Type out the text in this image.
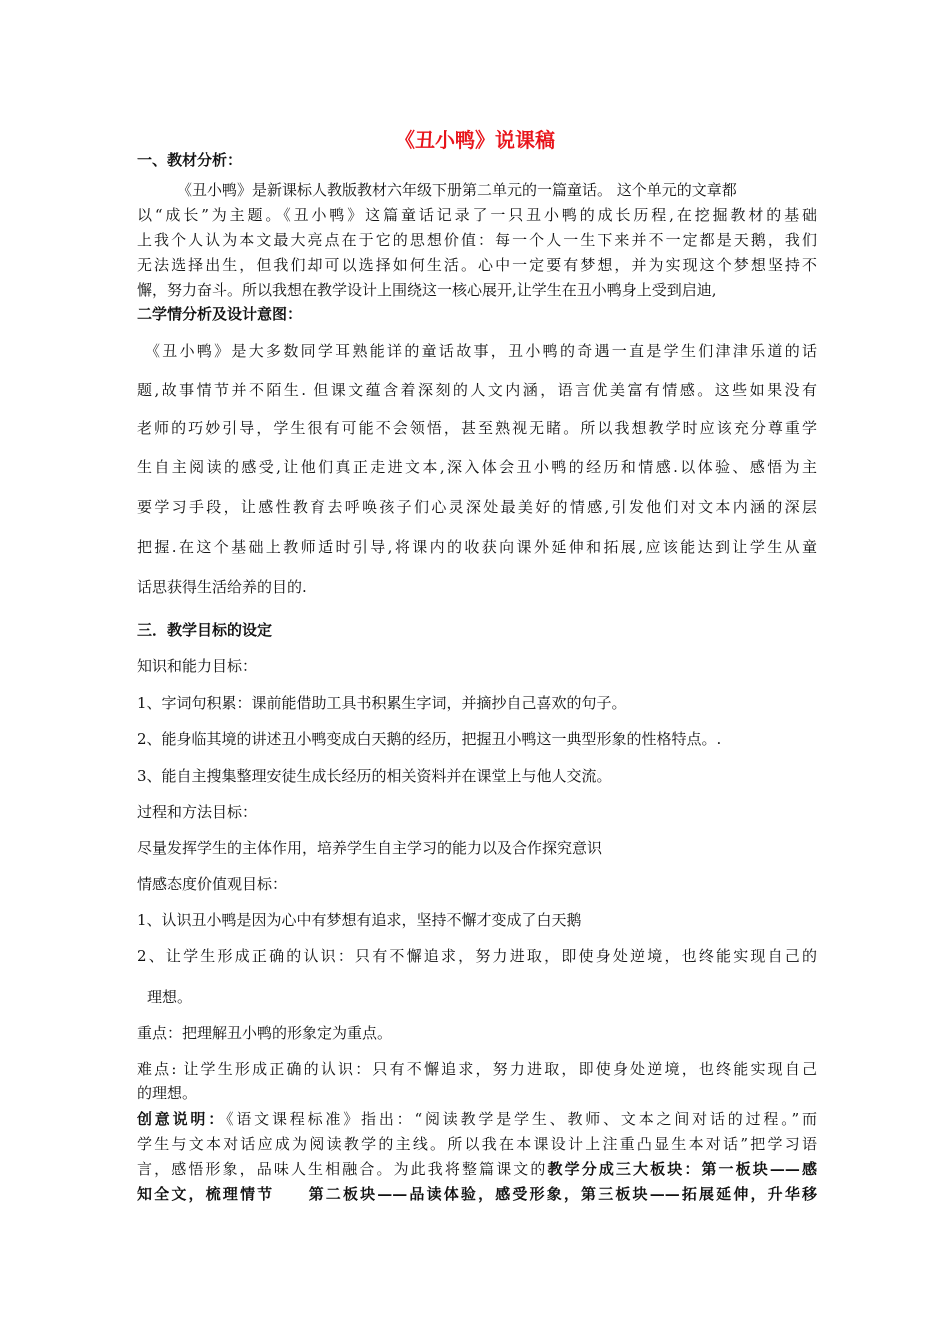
《丑小鸭》说课稿
一、教材分析：
《丑小鸭》是新课标人教版教材六年级下册第二单元的一篇童话。 这个单元的文章都
以“成长”为主题。《丑小鸭》这篇童话记录了一只丑小鸭的成长历程,在挖掘教材的基础
上我个人认为本文最大亮点在于它的思想价值：每一个人一生下来并不一定都是天鹅，我们
无法选择出生，但我们却可以选择如何生活。心中一定要有梦想，并为实现这个梦想坚持不
懈，努力奋斗。所以我想在教学设计上围绕这一核心展开,让学生在丑小鸭身上受到启迪,
二学情分析及设计意图：
《丑小鸭》是大多数同学耳熟能详的童话故事，丑小鸭的奇遇一直是学生们津津乐道的话
题,故事情节并不陌生. 但课文蕴含着深刻的人文内涵，语言优美富有情感。这些如果没有
老师的巧妙引导，学生很有可能不会领悟，甚至熟视无睹。所以我想教学时应该充分尊重学
生自主阅读的感受,让他们真正走进文本,深入体会丑小鸭的经历和情感.以体验、感悟为主
要学习手段，让感性教育去呼唤孩子们心灵深处最美好的情感,引发他们对文本内涵的深层
把握.在这个基础上教师适时引导,将课内的收获向课外延伸和拓展,应该能达到让学生从童
话思获得生活给养的目的.
三．教学目标的设定
知识和能力目标：
1、字词句积累：课前能借助工具书积累生字词，并摘抄自己喜欢的句子。
2、能身临其境的讲述丑小鸭变成白天鹅的经历，把握丑小鸭这一典型形象的性格特点。.
3、能自主搜集整理安徒生成长经历的相关资料并在课堂上与他人交流。
过程和方法目标：
尽量发挥学生的主体作用，培养学生自主学习的能力以及合作探究意识
情感态度价值观目标：
1、认识丑小鸭是因为心中有梦想有追求，坚持不懈才变成了白天鹅
2、让学生形成正确的认识：只有不懈追求，努力进取，即使身处逆境，也终能实现自己的
理想。
重点：把理解丑小鸭的形象定为重点。
难点: 让学生形成正确的认识：只有不懈追求，努力进取，即使身处逆境，也终能实现自己
的理想。
创意说明：《语文课程标准》指出：“阅读教学是学生、教师、文本之间对话的过程。”而
学生与文本对话应成为阅读教学的主线。所以我在本课设计上注重凸显生本对话”把学习语
言，感悟形象，品味人生相融合。为此我将整篇课文的教学分成三大板块：第一板块——感
知全文，梳理情节　　第二板块——品读体验，感受形象，第三板块——拓展延伸，升华移
